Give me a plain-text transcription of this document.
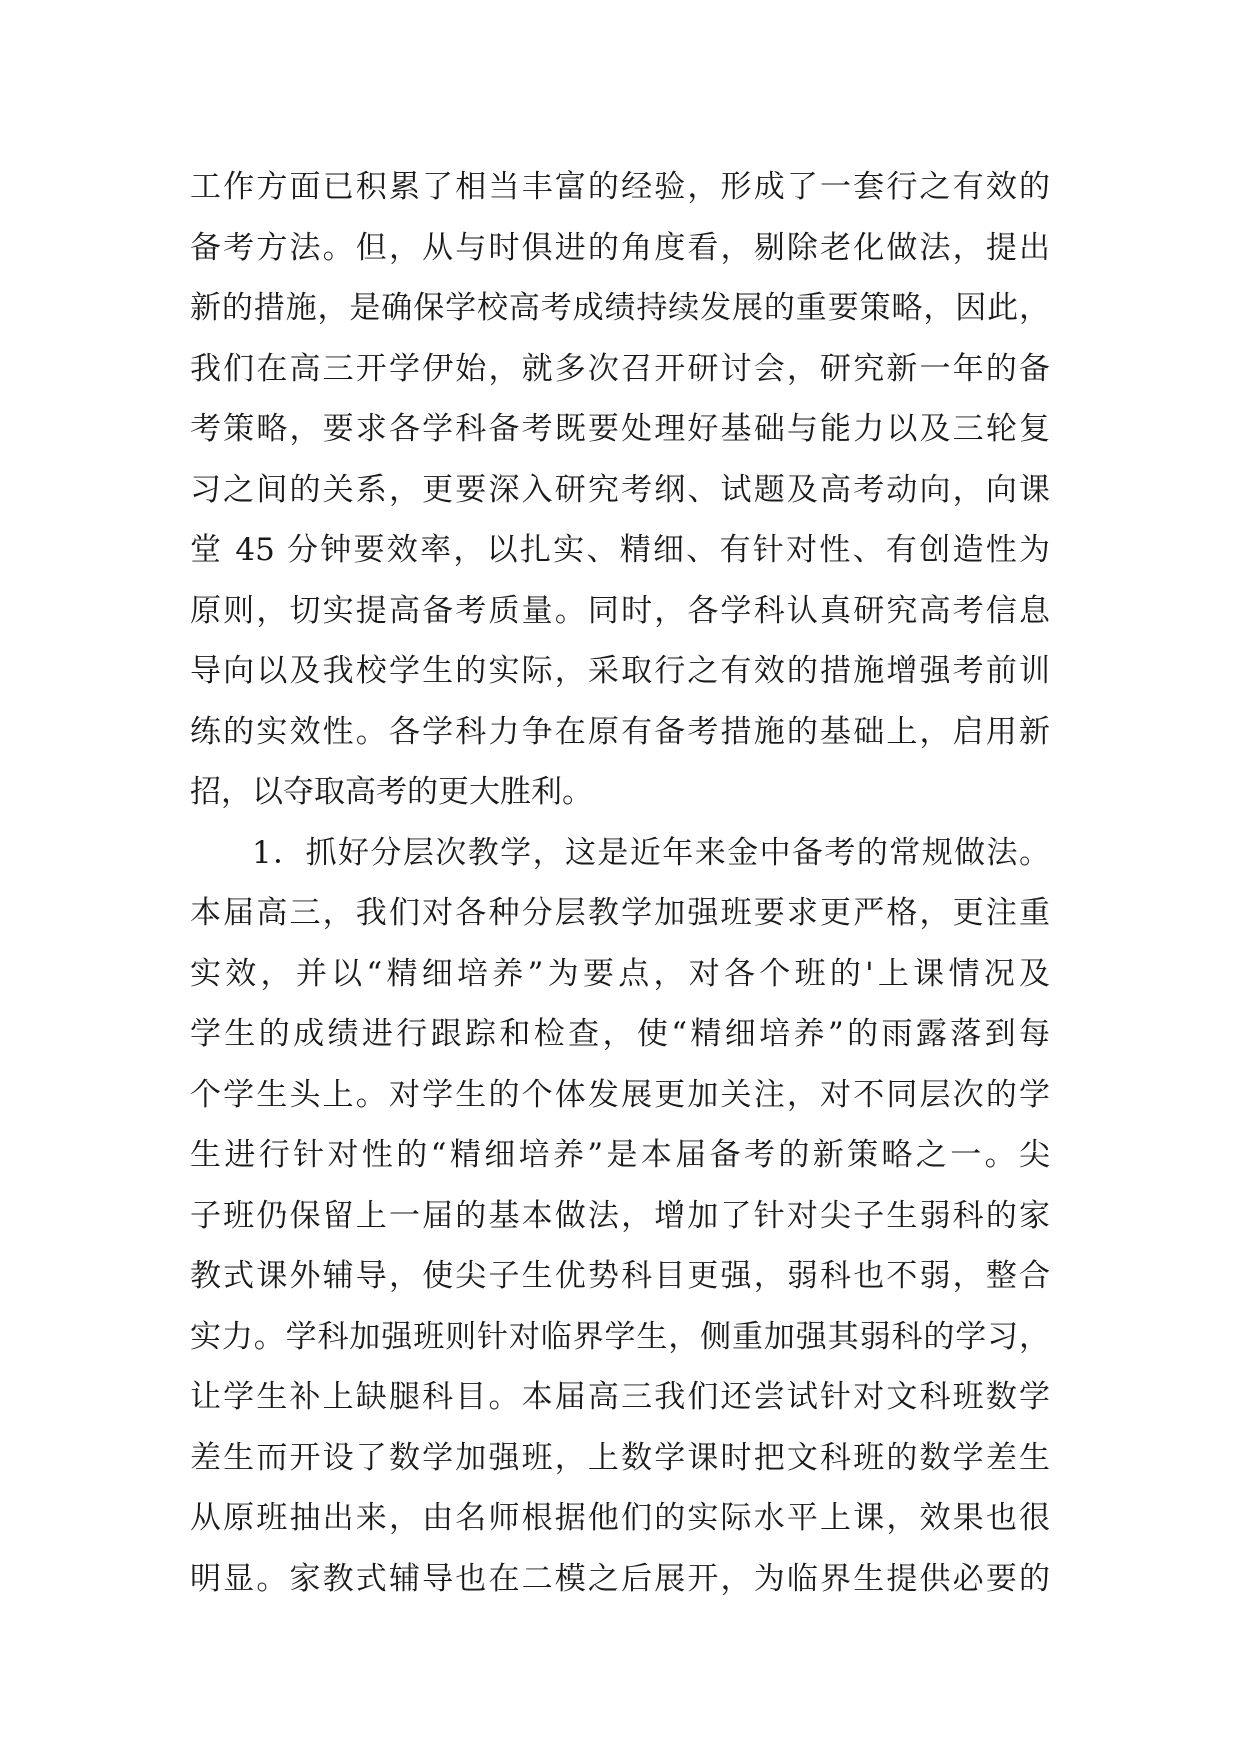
工作方面已积累了相当丰富的经验，形成了一套行之有效的
备考方法。但，从与时俱进的角度看，剔除老化做法，提出
新的措施，是确保学校高考成绩持续发展的重要策略，因此，
我们在高三开学伊始，就多次召开研讨会，研究新一年的备
考策略，要求各学科备考既要处理好基础与能力以及三轮复
习之间的关系，更要深入研究考纲、试题及高考动向，向课
堂 45 分钟要效率，以扎实、精细、有针对性、有创造性为
原则，切实提高备考质量。同时，各学科认真研究高考信息
导向以及我校学生的实际，采取行之有效的措施增强考前训
练的实效性。各学科力争在原有备考措施的基础上，启用新
招，以夺取高考的更大胜利。
1．抓好分层次教学，这是近年来金中备考的常规做法。
本届高三，我们对各种分层教学加强班要求更严格，更注重
实效，并以“精细培养”为要点，对各个班的'上课情况及
学生的成绩进行跟踪和检查，使“精细培养”的雨露落到每
个学生头上。对学生的个体发展更加关注，对不同层次的学
生进行针对性的“精细培养”是本届备考的新策略之一。尖
子班仍保留上一届的基本做法，增加了针对尖子生弱科的家
教式课外辅导，使尖子生优势科目更强，弱科也不弱，整合
实力。学科加强班则针对临界学生，侧重加强其弱科的学习，
让学生补上缺腿科目。本届高三我们还尝试针对文科班数学
差生而开设了数学加强班，上数学课时把文科班的数学差生
从原班抽出来，由名师根据他们的实际水平上课，效果也很
明显。家教式辅导也在二模之后展开，为临界生提供必要的
